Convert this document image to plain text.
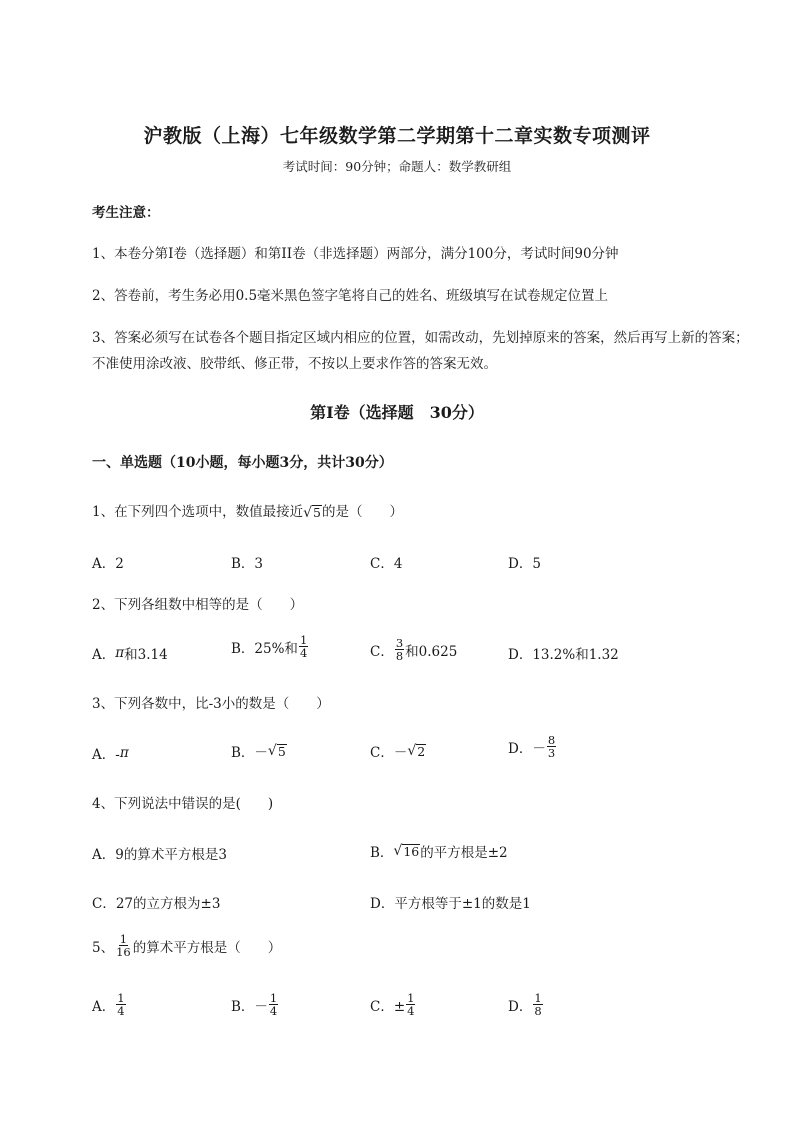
沪教版（上海）七年级数学第二学期第十二章实数专项测评
考试时间：90分钟；命题人：数学教研组
考生注意：
1、本卷分第I卷（选择题）和第II卷（非选择题）两部分，满分100分，考试时间90分钟
2、答卷前，考生务必用0.5毫米黑色签字笔将自己的姓名、班级填写在试卷规定位置上
3、答案必须写在试卷各个题目指定区域内相应的位置，如需改动，先划掉原来的答案，然后再写上新的答案；不准使用涂改液、胶带纸、修正带，不按以上要求作答的答案无效。
第I卷（选择题　30分）
一、单选题（10小题，每小题3分，共计30分）
1、在下列四个选项中，数值最接近 √ 5 的是（　　）
A．2	B．3	C．4	D．5
2、下列各组数中相等的是（　　）
A． π 和3.14	B．25%和 $\frac{1}{4}$	C． $\frac{3}{8}$ 和0.625	D．13.2%和1.32
3、下列各数中，比-3小的数是（　　）
A．- π	B．－ √ 5	C．－ √ 2	D．－ $\frac{8}{3}$
4、下列说法中错误的是(　　)
A．9的算术平方根是3	B． √ 16 的平方根是±2
C．27的立方根为±3	D．平方根等于±1的数是1
5、 $\frac{1}{16}$ 的算术平方根是（　　）
A． $\frac{1}{4}$	B．－ $\frac{1}{4}$	C．± $\frac{1}{4}$	D． $\frac{1}{8}$
